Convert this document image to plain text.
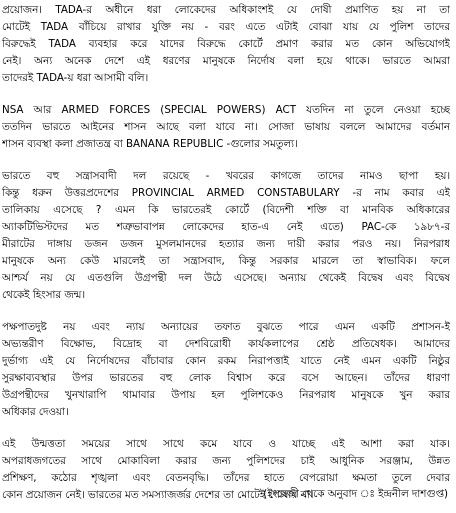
প্রয়োজন। TADA-র অধীনে ধরা লোকেদের অধিকাংশই যে দোষী প্রমাণিত হয় না তা
মোটেই TADA বাঁচিয়ে রাখার যুক্তি নয় - বরং এতে এটাই বোঝা যায় যে পুলিশ তাদের
বিরুদ্ধেই TADA ব্যবহার করে যাদের বিরুদ্ধে কোর্টে প্রমাণ করার মত কোন অভিযোগই
নেই। অন্য অনেক দেশে এই ধরণের মানুষকে নির্দোষ বলা হয়ে থাকে। ভারতে আমরা
তাদেরই TADA-য় ধরা আসামী বলি।
NSA আর ARMED FORCES (SPECIAL POWERS) ACT যতদিন না তুলে নেওয়া হচ্ছে
ততদিন ভারতে আইনের শাসন আছে বলা যাবে না। সোজা ভাষায় বললে আমাদের বর্তমান
শাসন ব্যবস্থা কলা প্রজাতন্ত্র বা BANANA REPUBLIC -গুলোর সমতুল্য।
ভারতে বহু সন্ত্রাসবাদী দল রয়েছে - খবরের কাগজে তাদের নামও ছাপা হয়।
কিন্তু ধরুন উত্তরপ্রদেশের PROVINCIAL ARMED CONSTABULARY -র নাম কবার এই
তালিকায় এসেছে ? এমন কি ভারতেরই কোর্টে (বিদেশী শক্তি বা মানবিক অধিকারের
অ্যাকটিভিস্টদের মত শত্রুভাবাপন্ন লোকেদের হাত-এ নেই এতে) PAC-কে ১৯৮৭-র
মীরাটের দাঙ্গায় ডজন ডজন মুসলমানদের হত্যার জন্য দায়ী করার পরও নয়। নিরপরাধ
মানুষকে অন্য কেউ মারলেই তা সন্ত্রাসবাদ, কিন্তু সরকার মারলে তা স্বাভাবিক। ফলে
আশ্চর্য নয় যে এতগুলি উগ্রপন্থী দল উঠে এসেছে। অন্যায় থেকেই বিদ্বেষ এবং বিদ্বেষ
থেকেই হিংসার জন্ম।
পক্ষপাতদুষ্ট নয় এবং ন্যায় অন্যায়ের তফাত বুঝতে পারে এমন একটি প্রশাসন-ই
অভ্যন্তরীণ বিক্ষোভ, বিদ্রোহ বা দেশবিরোধী কার্যকলাপের শ্রেষ্ঠ প্রতিষেধক। আমাদের
দুর্ভাগ্য এই যে নির্দোষদের বাঁচাবার কোন রকম নিরাপত্তাই যাতে নেই এমন একটি নিষ্ঠুর
সুরক্ষাব্যবস্থার উপর ভারতের বহু লোক বিশ্বাস করে বসে আছেন। তাঁদের ধারণা
উগ্রপন্থীদের খুনখারাপি থামাবার উপায় হল পুলিশকেও নিরপরাধ মানুষকে খুন করার
অধিকার দেওয়া।
এই উন্মত্ততা সময়ের সাথে সাথে কমে যাবে ও যাচ্ছে এই আশা করা যাক।
অপরাধজগতের সাথে মোকাবিলা করার জন্য পুলিশদের চাই আধুনিক সরঞ্জাম, উন্নত
প্রশিক্ষণ, কঠোর শৃঙ্খলা এবং বেতনবৃদ্ধি। তাঁদের হাতে বেপরোয়া ক্ষমতা তুলে দেবার
কোন প্রয়োজন নেই। ভারতের মত সমস্যাজর্জর দেশের তা মোটেই পোষায় না।
(ইংরেজী থেকে অনুবাদ ঃ ইন্দ্রনীল দাশগুপ্ত)
